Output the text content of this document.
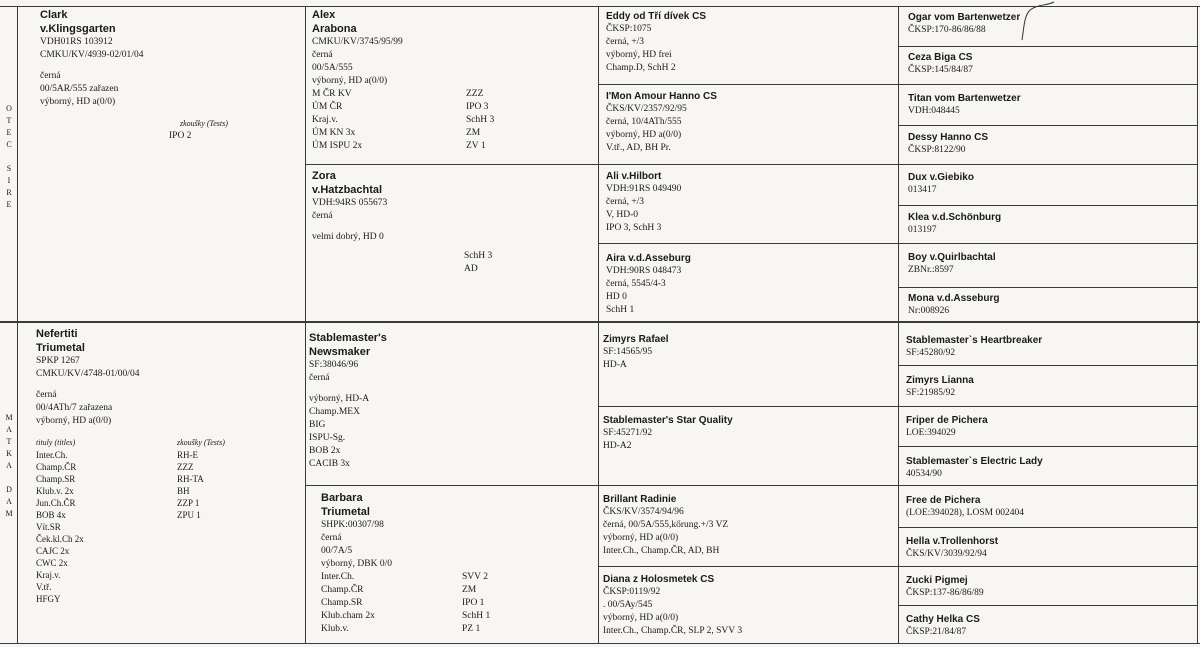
O
T
E
C
S
I
R
E
M
A
T
K
A
D
A
M
Clark
v.Klingsgarten
VDH01RS 103912
CMKU/KV/4939-02/01/04
černá
00/5AR/555 zařazen
výborný, HD a(0/0)
zkoušky (Tests)
IPO 2
Nefertiti
Triumetal
SPKP 1267
CMKU/KV/4748-01/00/04
černá
00/4ATh/7 zařazena
výborný, HD a(0/0)
tituly (titles)
Inter.Ch.
Champ.ČR
Champ.SR
Klub.v. 2x
Jun.Ch.ČR
BOB 4x
Vít.SR
Ček.kl.Ch 2x
CAJC 2x
CWC 2x
Kraj.v.
V.tř.
HFGY
zkoušky (Tests)
RH-E
ZZZ
RH-TA
BH
ZZP 1
ZPU 1
Alex
Arabona
CMKU/KV/3745/95/99
černá
00/5A/555
výborný, HD a(0/0)
M ČR KV
ÚM ČR
Kraj.v.
ÚM KN 3x
ÚM ISPU 2x
ZZZ
IPO 3
SchH 3
ZM
ZV 1
Zora
v.Hatzbachtal
VDH:94RS 055673
černá
velmi dobrý, HD 0
SchH 3
AD
Stablemaster's
Newsmaker
SF:38046/96
černá
výborný, HD-A
Champ.MEX
BIG
ISPU-Sg.
BOB 2x
CACIB 3x
Barbara
Triumetal
SHPK:00307/98
černá
00/7A/5
výborný, DBK 0/0
Inter.Ch.
Champ.ČR
Champ.SR
Klub.cham 2x
Klub.v.
SVV 2
ZM
IPO 1
SchH 1
PZ 1
Eddy od Tří dívek CS
ČKSP:1075
černá, +/3
výborný, HD frei
Champ.D, SchH 2
I'Mon Amour Hanno CS
ČKS/KV/2357/92/95
černá, 10/4ATh/555
výborný, HD a(0/0)
V.tř., AD, BH Pr.
Ali v.Hilbort
VDH:91RS 049490
černá, +/3
V, HD-0
IPO 3, SchH 3
Aira v.d.Asseburg
VDH:90RS 048473
černá, 5545/4-3
HD 0
SchH 1
Zimyrs Rafael
SF:14565/95
HD-A
Stablemaster's Star Quality
SF:45271/92
HD-A2
Brillant Radinie
ČKS/KV/3574/94/96
černá, 00/5A/555,kőrung.+/3 VZ
výborný, HD a(0/0)
Inter.Ch., Champ.ČR, AD, BH
Diana z Holosmetek CS
ČKSP:0119/92
. 00/5Ay/545
výborný, HD a(0/0)
Inter.Ch., Champ.ČR, SLP 2, SVV 3
Ogar vom Bartenwetzer
ČKSP:170-86/86/88
Ceza Biga CS
ČKSP:145/84/87
Titan vom Bartenwetzer
VDH:048445
Dessy Hanno CS
ČKSP:8122/90
Dux v.Giebiko
013417
Klea v.d.Schönburg
013197
Boy v.Quirlbachtal
ZBNr.:8597
Mona v.d.Asseburg
Nr:008926
Stablemaster`s Heartbreaker
SF:45280/92
Zimyrs Lianna
SF:21985/92
Friper de Pichera
LOE:394029
Stablemaster`s Electric Lady
40534/90
Free de Pichera
(LOE:394028), LOSM 002404
Hella v.Trollenhorst
ČKS/KV/3039/92/94
Zucki Pigmej
ČKSP:137-86/86/89
Cathy Helka CS
ČKSP:21/84/87
